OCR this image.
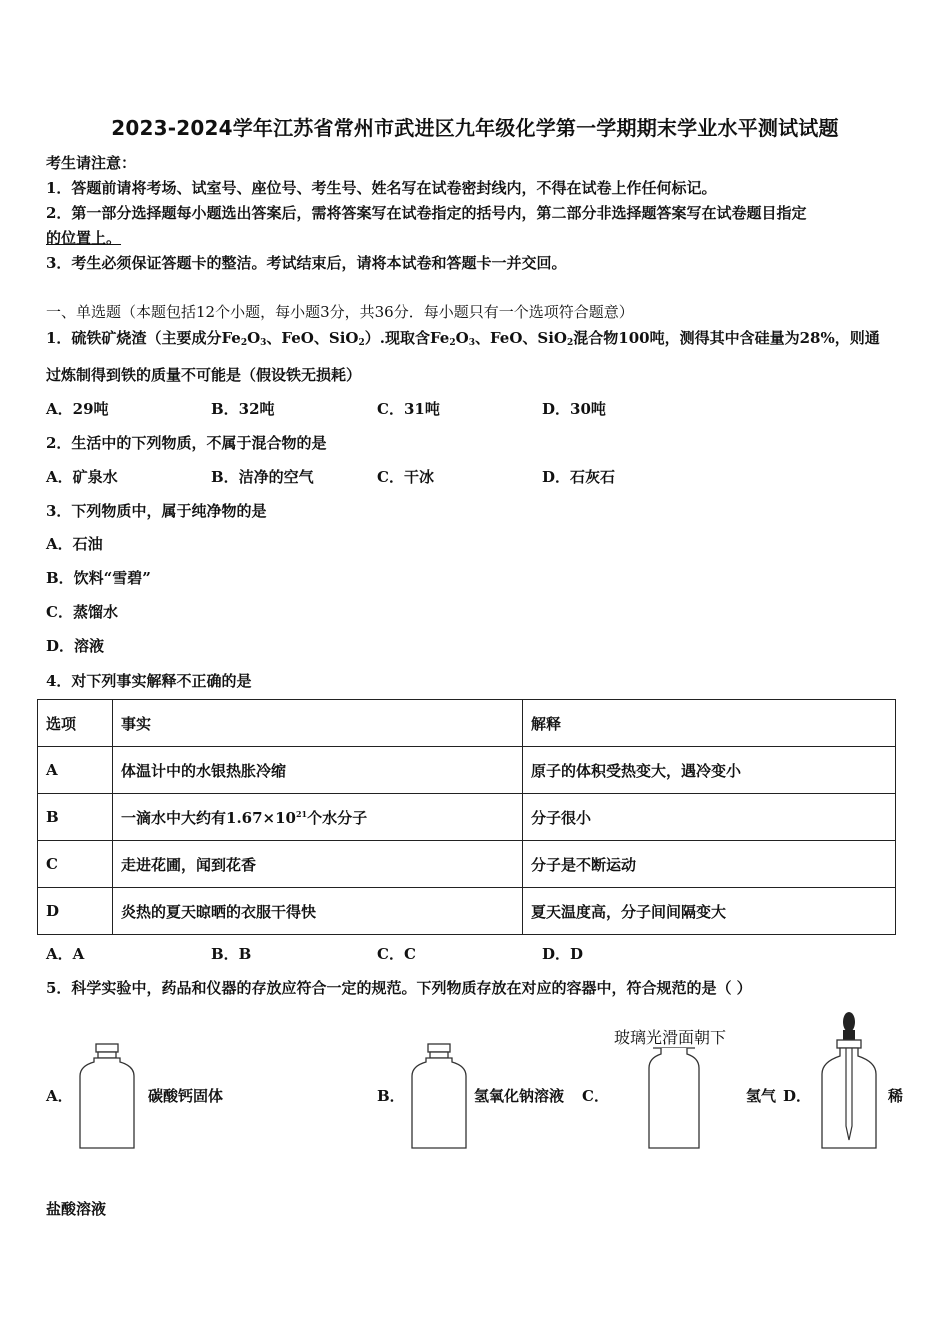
2023-2024学年江苏省常州市武进区九年级化学第一学期期末学业水平测试试题
考生请注意：
1．答题前请将考场、试室号、座位号、考生号、姓名写在试卷密封线内，不得在试卷上作任何标记。
2．第一部分选择题每小题选出答案后，需将答案写在试卷指定的括号内，第二部分非选择题答案写在试卷题目指定
的位置上。
3．考生必须保证答题卡的整洁。考试结束后，请将本试卷和答题卡一并交回。
一、单选题（本题包括12个小题，每小题3分，共36分．每小题只有一个选项符合题意）
1．硫铁矿烧渣（主要成分$Fe_2O_3$、FeO、SiO$_2$）.现取含$Fe_2O_3$、FeO、SiO$_2$混合物100吨，测得其中含硅量为28%，则通
过炼制得到铁的质量不可能是（假设铁无损耗）
A．29吨	B．32吨	C．31吨	D．30吨
2．生活中的下列物质，不属于混合物的是
A．矿泉水	B．洁净的空气	C．干冰	D．石灰石
3．下列物质中，属于纯净物的是
A．石油
B．饮料“雪碧”
C．蒸馏水
D．溶液
4．对下列事实解释不正确的是
选项	事实	解释
A	体温计中的水银热胀冷缩	原子的体积受热变大，遇冷变小
B	一滴水中大约有$1.67\times 10^{21}$个水分子	分子很小
C	走进花圃，闻到花香	分子是不断运动
D	炎热的夏天晾晒的衣服干得快	夏天温度高，分子间间隔变大
A．A	B．B	C．C	D．D
5．科学实验中，药品和仪器的存放应符合一定的规范。下列物质存放在对应的容器中，符合规范的是（ ）
A．	碳酸钙固体	B．	氢氧化钠溶液 C．
玻璃光滑面朝下
氢气 D．	稀
盐酸溶液
